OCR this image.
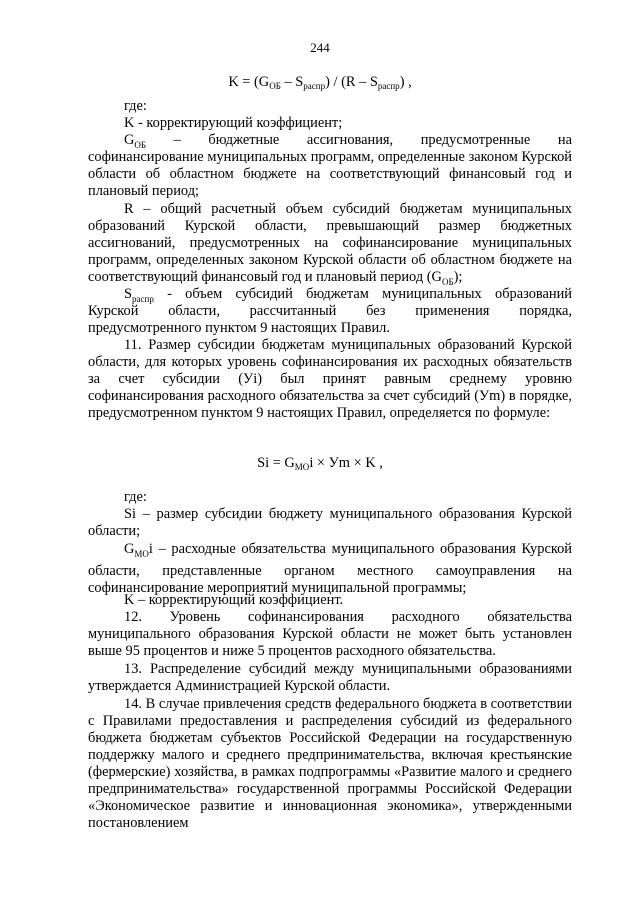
244
$K = (G_{ОБ} - S_{распр}) / (R - S_{распр})$ ,
где:
K - корректирующий коэффициент;
$G_{ОБ}$ – бюджетные ассигнования, предусмотренные на
софинансирование муниципальных программ, определенные законом Курской области об областном бюджете на соответствующий финансовый год и плановый период;
R – общий расчетный объем субсидий бюджетам муниципальных образований Курской области, превышающий размер бюджетных ассигнований, предусмотренных на софинансирование муниципальных программ, определенных законом Курской области об областном бюджете на соответствующий финансовый год и плановый период $(G_{ОБ})$;
$S_{распр}$ - объем субсидий бюджетам муниципальных образований
Курской области, рассчитанный без применения порядка,
предусмотренного пунктом 9 настоящих Правил.
11. Размер субсидии бюджетам муниципальных образований Курской области, для которых уровень софинансирования их расходных обязательств за счет субсидии (Уi) был принят равным среднему уровню софинансирования расходного обязательства за счет субсидий (Уm) в порядке, предусмотренном пунктом 9 настоящих Правил, определяется по формуле:
$Si = G_{МО}i$ × Уm × K ,
где:
Si – размер субсидии бюджету муниципального образования Курской области;
$G_{МО}i$ – расходные обязательства муниципального образования Курской области, представленные органом местного самоуправления на софинансирование мероприятий муниципальной программы;
K – корректирующий коэффициент.
12. Уровень софинансирования расходного обязательства муниципального образования Курской области не может быть установлен выше 95 процентов и ниже 5 процентов расходного обязательства.
13. Распределение субсидий между муниципальными образованиями утверждается Администрацией Курской области.
14. В случае привлечения средств федерального бюджета в соответствии с Правилами предоставления и распределения субсидий из федерального бюджета бюджетам субъектов Российской Федерации на государственную поддержку малого и среднего предпринимательства, включая крестьянские (фермерские) хозяйства, в рамках подпрограммы «Развитие малого и среднего предпринимательства» государственной программы Российской Федерации «Экономическое развитие и инновационная экономика», утвержденными постановлением
